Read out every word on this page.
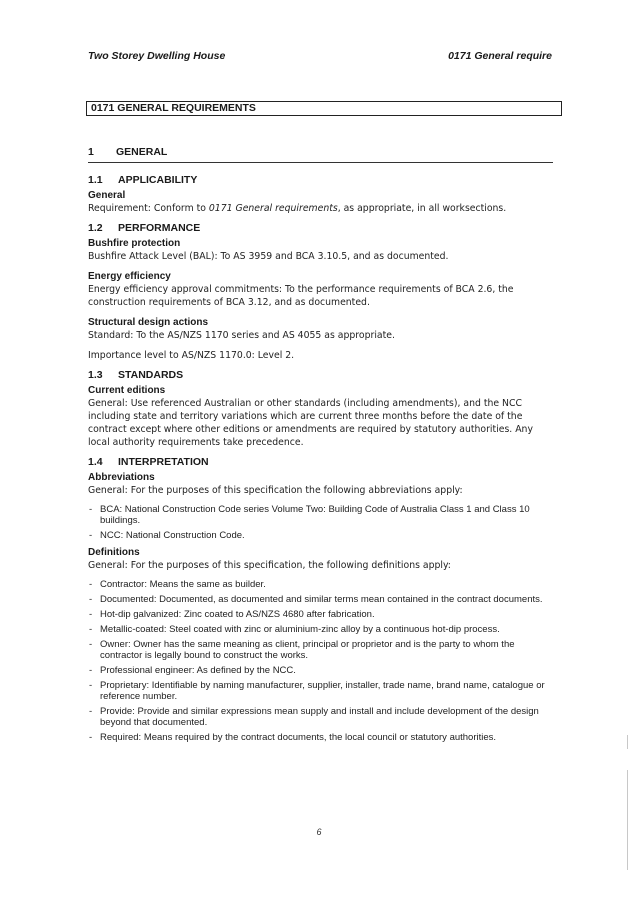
Two Storey Dwelling House	0171 General require
0171 GENERAL REQUIREMENTS
1 GENERAL
1.1 APPLICABILITY
General

Requirement: Conform to 0171 General requirements, as appropriate, in all worksections.

1.2 PERFORMANCE
Bushfire protection

Bushfire Attack Level (BAL): To AS 3959 and BCA 3.10.5, and as documented.

Energy efficiency

Energy efficiency approval commitments: To the performance requirements of BCA 2.6, the construction requirements of BCA 3.12, and as documented.

Structural design actions

Standard: To the AS/NZS 1170 series and AS 4055 as appropriate.

Importance level to AS/NZS 1170.0: Level 2.

1.3 STANDARDS
Current editions

General: Use referenced Australian or other standards (including amendments), and the NCC including state and territory variations which are current three months before the date of the contract except where other editions or amendments are required by statutory authorities. Any local authority requirements take precedence.

1.4 INTERPRETATION
Abbreviations

General: For the purposes of this specification the following abbreviations apply:

- BCA: National Construction Code series Volume Two: Building Code of Australia Class 1 and Class 10 buildings.
- NCC: National Construction Code.
Definitions

General: For the purposes of this specification, the following definitions apply:

- Contractor: Means the same as builder.
- Documented: Documented, as documented and similar terms mean contained in the contract documents.
- Hot-dip galvanized: Zinc coated to AS/NZS 4680 after fabrication.
- Metallic-coated: Steel coated with zinc or aluminium-zinc alloy by a continuous hot-dip process.
- Owner: Owner has the same meaning as client, principal or proprietor and is the party to whom the contractor is legally bound to construct the works.
- Professional engineer: As defined by the NCC.
- Proprietary: Identifiable by naming manufacturer, supplier, installer, trade name, brand name, catalogue or reference number.
- Provide: Provide and similar expressions mean supply and install and include development of the design beyond that documented.
- Required: Means required by the contract documents, the local council or statutory authorities.
6
